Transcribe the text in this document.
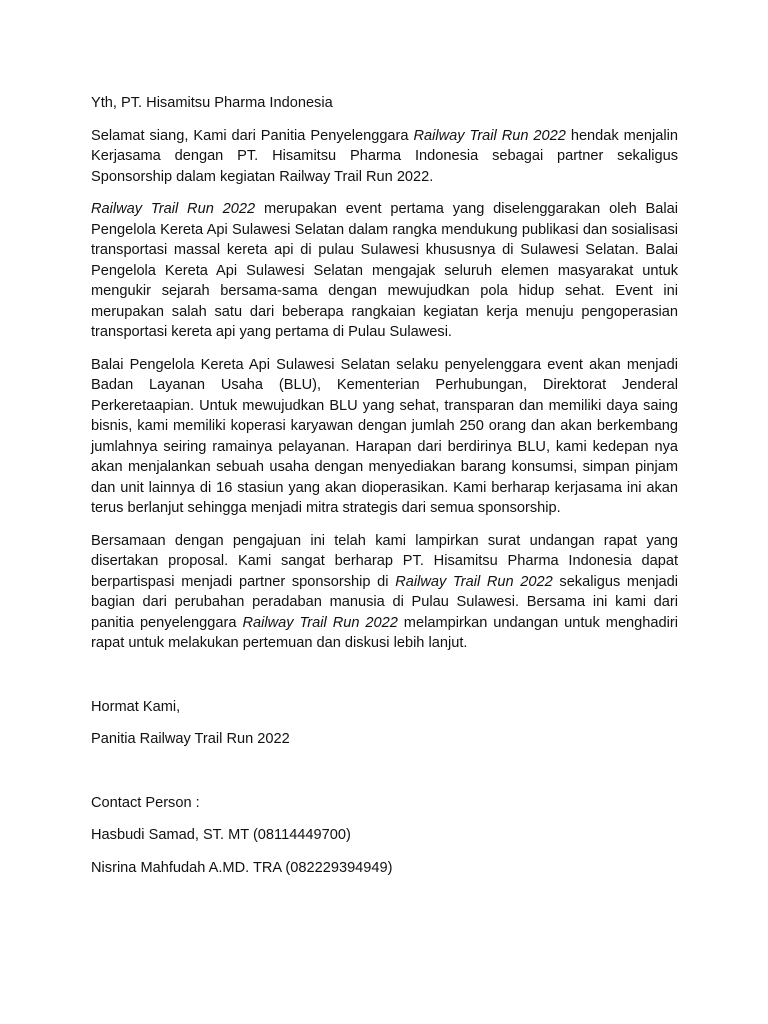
Yth, PT. Hisamitsu Pharma Indonesia

Selamat siang, Kami dari Panitia Penyelenggara Railway Trail Run 2022 hendak menjalin Kerjasama dengan PT. Hisamitsu Pharma Indonesia sebagai partner sekaligus Sponsorship dalam kegiatan Railway Trail Run 2022.

Railway Trail Run 2022 merupakan event pertama yang diselenggarakan oleh Balai Pengelola Kereta Api Sulawesi Selatan dalam rangka mendukung publikasi dan sosialisasi transportasi massal kereta api di pulau Sulawesi khususnya di Sulawesi Selatan. Balai Pengelola Kereta Api Sulawesi Selatan mengajak seluruh elemen masyarakat untuk mengukir sejarah bersama-sama dengan mewujudkan pola hidup sehat. Event ini merupakan salah satu dari beberapa rangkaian kegiatan kerja menuju pengoperasian transportasi kereta api yang pertama di Pulau Sulawesi.

Balai Pengelola Kereta Api Sulawesi Selatan selaku penyelenggara event akan menjadi Badan Layanan Usaha (BLU), Kementerian Perhubungan, Direktorat Jenderal Perkeretaapian. Untuk mewujudkan BLU yang sehat, transparan dan memiliki daya saing bisnis, kami memiliki koperasi karyawan dengan jumlah 250 orang dan akan berkembang jumlahnya seiring ramainya pelayanan. Harapan dari berdirinya BLU, kami kedepan nya akan menjalankan sebuah usaha dengan menyediakan barang konsumsi, simpan pinjam dan unit lainnya di 16 stasiun yang akan dioperasikan. Kami berharap kerjasama ini akan terus berlanjut sehingga menjadi mitra strategis dari semua sponsorship.

Bersamaan dengan pengajuan ini telah kami lampirkan surat undangan rapat yang disertakan proposal. Kami sangat berharap PT. Hisamitsu Pharma Indonesia dapat berpartispasi menjadi partner sponsorship di Railway Trail Run 2022 sekaligus menjadi bagian dari perubahan peradaban manusia di Pulau Sulawesi. Bersama ini kami dari panitia penyelenggara Railway Trail Run 2022 melampirkan undangan untuk menghadiri rapat untuk melakukan pertemuan dan diskusi lebih lanjut.

Hormat Kami,

Panitia Railway Trail Run 2022

Contact Person :

Hasbudi Samad, ST. MT (08114449700)

Nisrina Mahfudah A.MD. TRA (082229394949)
